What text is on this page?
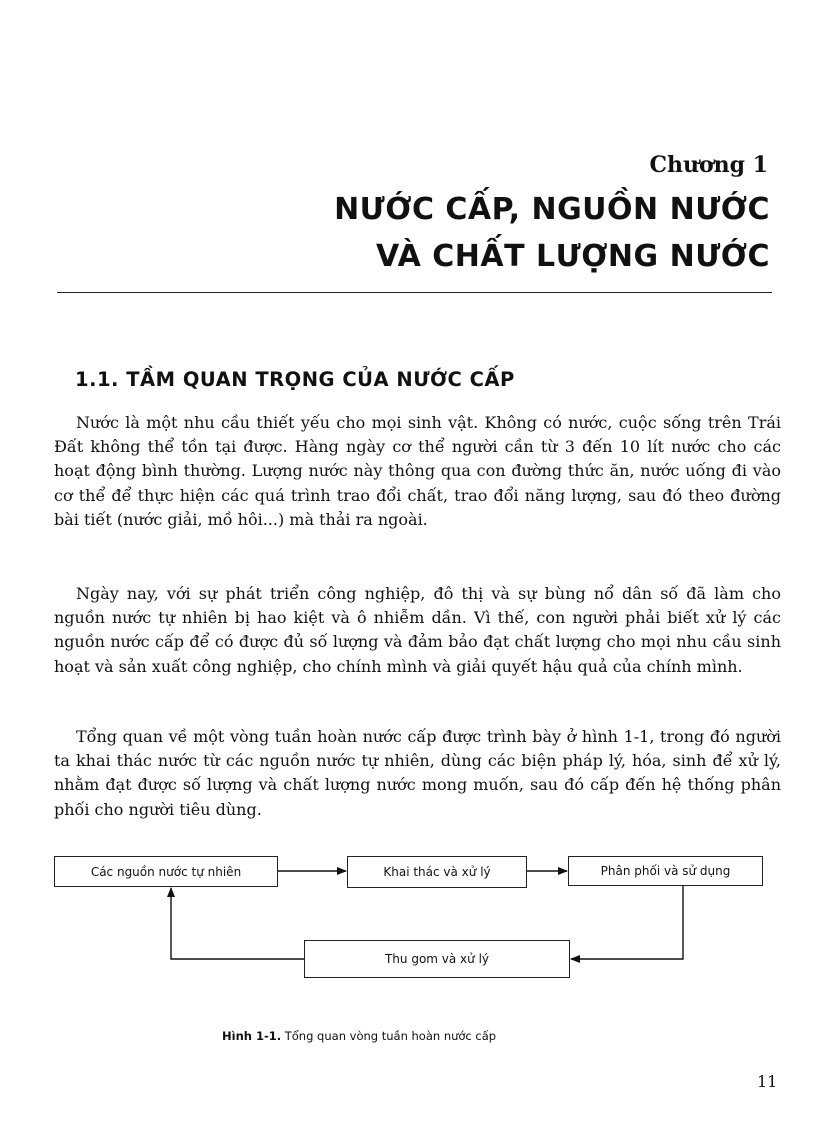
Chương 1
NƯỚC CẤP, NGUỒN NƯỚC
VÀ CHẤT LƯỢNG NƯỚC
1.1. TẦM QUAN TRỌNG CỦA NƯỚC CẤP

Nước là một nhu cầu thiết yếu cho mọi sinh vật. Không có nước, cuộc sống trên Trái Đất không thể tồn tại được. Hàng ngày cơ thể người cần từ 3 đến 10 lít nước cho các hoạt động bình thường. Lượng nước này thông qua con đường thức ăn, nước uống đi vào cơ thể để thực hiện các quá trình trao đổi chất, trao đổi năng lượng, sau đó theo đường bài tiết (nước giải, mồ hôi...) mà thải ra ngoài.

Ngày nay, với sự phát triển công nghiệp, đô thị và sự bùng nổ dân số đã làm cho nguồn nước tự nhiên bị hao kiệt và ô nhiễm dần. Vì thế, con người phải biết xử lý các nguồn nước cấp để có được đủ số lượng và đảm bảo đạt chất lượng cho mọi nhu cầu sinh hoạt và sản xuất công nghiệp, cho chính mình và giải quyết hậu quả của chính mình.

Tổng quan về một vòng tuần hoàn nước cấp được trình bày ở hình 1-1, trong đó người ta khai thác nước từ các nguồn nước tự nhiên, dùng các biện pháp lý, hóa, sinh để xử lý, nhằm đạt được số lượng và chất lượng nước mong muốn, sau đó cấp đến hệ thống phân phối cho người tiêu dùng.

Các nguồn nước tự nhiên	Khai thác và xử lý	Phân phối và sử dụng
Thu gom và xử lý
Hình 1-1. Tổng quan vòng tuần hoàn nước cấp
11
